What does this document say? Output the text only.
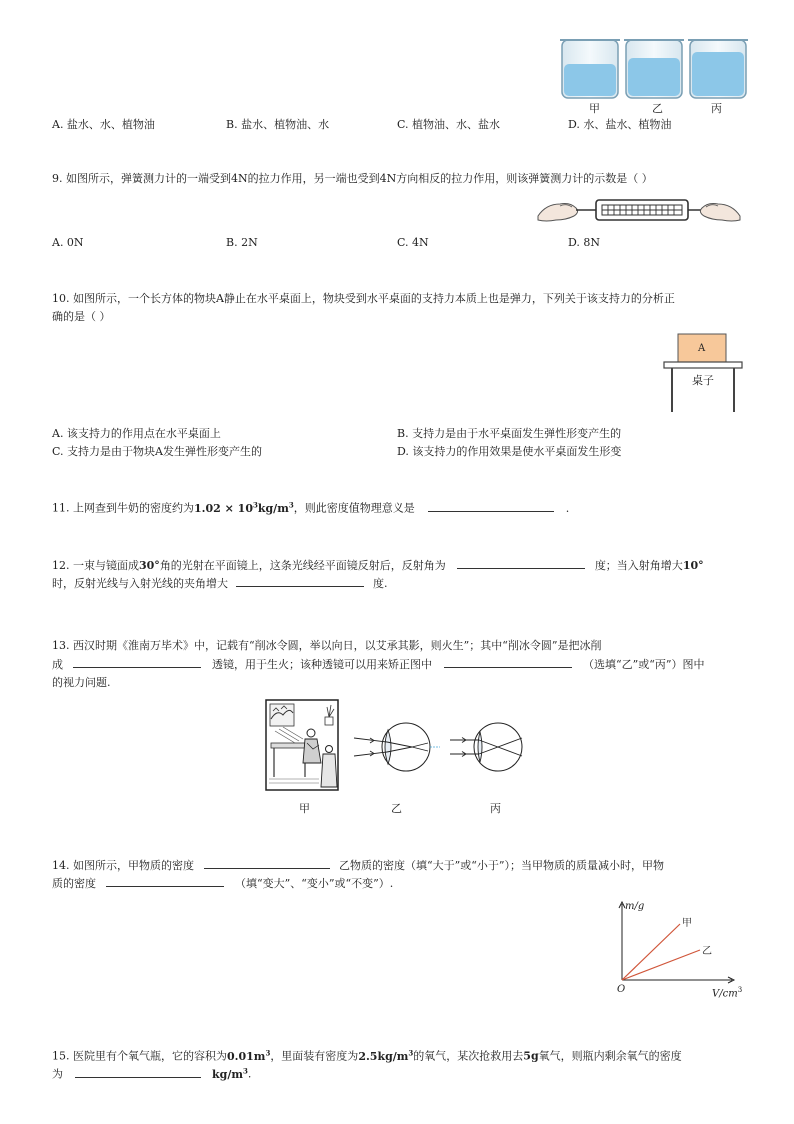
甲	乙	丙
A. 盐水、水、植物油	B. 盐水、植物油、水	C. 植物油、水、盐水	D. 水、盐水、植物油
9. 如图所示，弹簧测力计的一端受到4N的拉力作用，另一端也受到4N方向相反的拉力作用，则该弹簧测力计的示数是（ ）
A. 0N	B. 2N	C. 4N	D. 8N
10. 如图所示，一个长方体的物块A静止在水平桌面上，物块受到水平桌面的支持力本质上也是弹力，下列关于该支持力的分析正
确的是（ ）
A
桌子
A. 该支持力的作用点在水平桌面上	B. 支持力是由于水平桌面发生弹性形变产生的
C. 支持力是由于物块A发生弹性形变产生的	D. 该支持力的作用效果是使水平桌面发生形变
11. 上网查到牛奶的密度约为$1.02 \times 10^3kg/m^3$，则此密度值物理意义是	.
12. 一束与镜面成30°角的光射在平面镜上，这条光线经平面镜反射后，反射角为	度；当入射角增大10°
时，反射光线与入射光线的夹角增大	度.
13. 西汉时期《淮南万毕术》中，记载有“削冰令圆，举以向日，以艾承其影，则火生”；其中“削冰令圆”是把冰削
成	透镜，用于生火；该种透镜可以用来矫正图中	（选填“乙”或“丙”）图中
的视力问题.
甲	乙	丙
14. 如图所示，甲物质的密度	乙物质的密度（填“大于”或“小于”）；当甲物质的质量减小时，甲物
质的密度	（填“变大”、“变小”或“不变”）.
m/g
甲
乙
O	$V/cm^3$
15. 医院里有个氧气瓶，它的容积为$0.01m^3$，里面装有密度为$2.5kg/m^3$的氧气，某次抢救用去5g氧气，则瓶内剩余氧气的密度
为	$kg/m^3$.
